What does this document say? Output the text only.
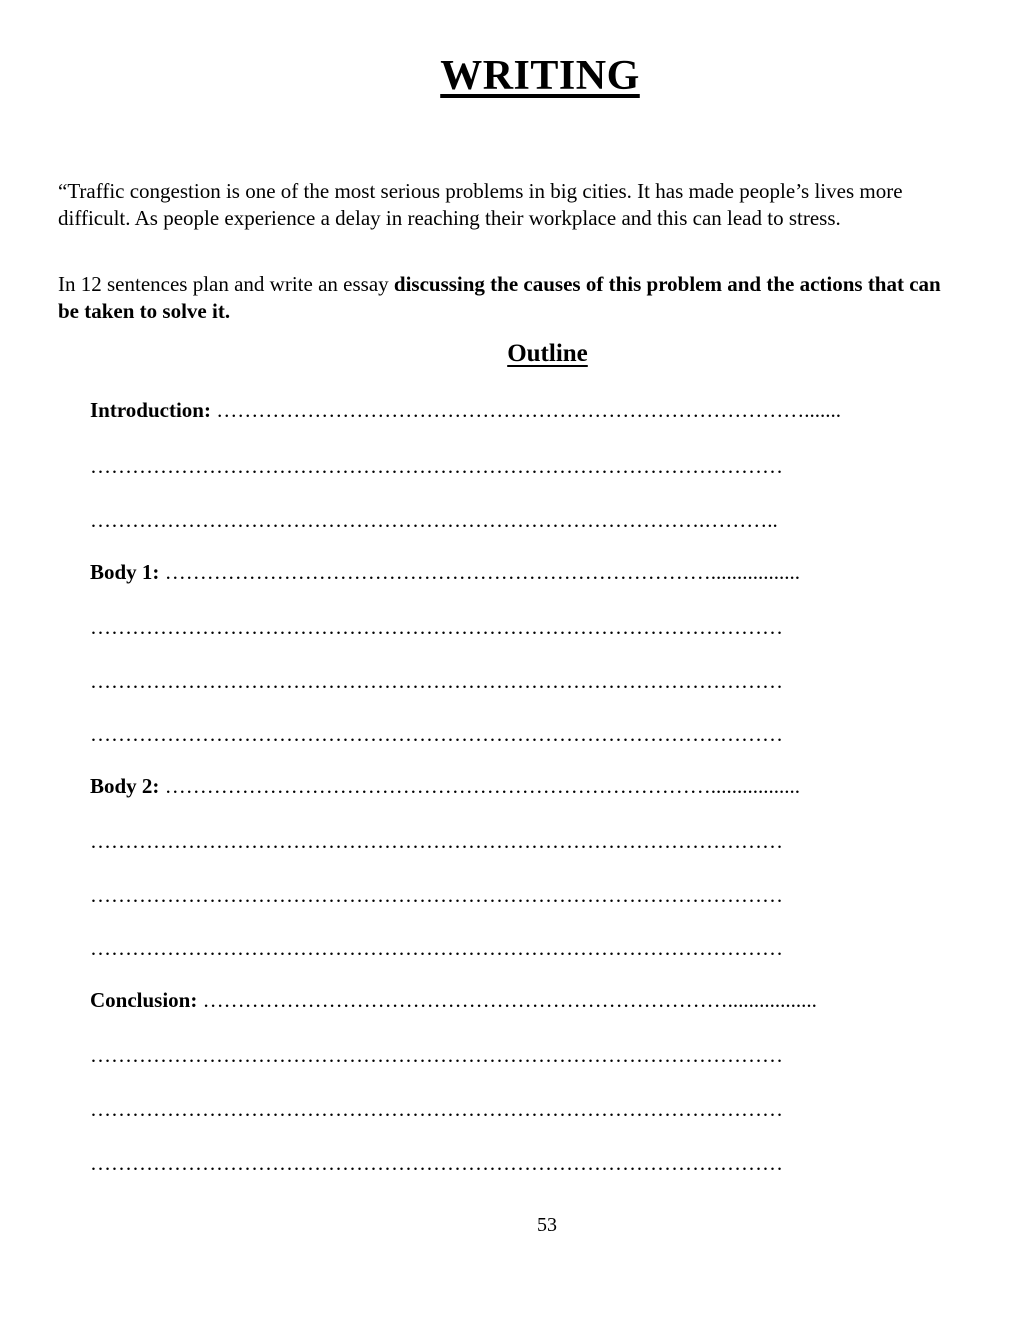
WRITING
“Traffic congestion is one of the most serious problems in big cities. It has made people’s lives more difficult. As people experience a delay in reaching their workplace and this can lead to stress.
In 12 sentences plan and write an essay discussing the causes of this problem and the actions that can be taken to solve it.
Outline
Introduction: ………………………………………………………………………….......
………………………………………………………………………………………
…………………………………………………………………………….………..
Body 1: …………………………………………………………………….................
………………………………………………………………………………………
………………………………………………………………………………………
………………………………………………………………………………………
Body 2: …………………………………………………………………….................
………………………………………………………………………………………
………………………………………………………………………………………
………………………………………………………………………………………
Conclusion: ………………………………………………………………….................
………………………………………………………………………………………
………………………………………………………………………………………
………………………………………………………………………………………
53
